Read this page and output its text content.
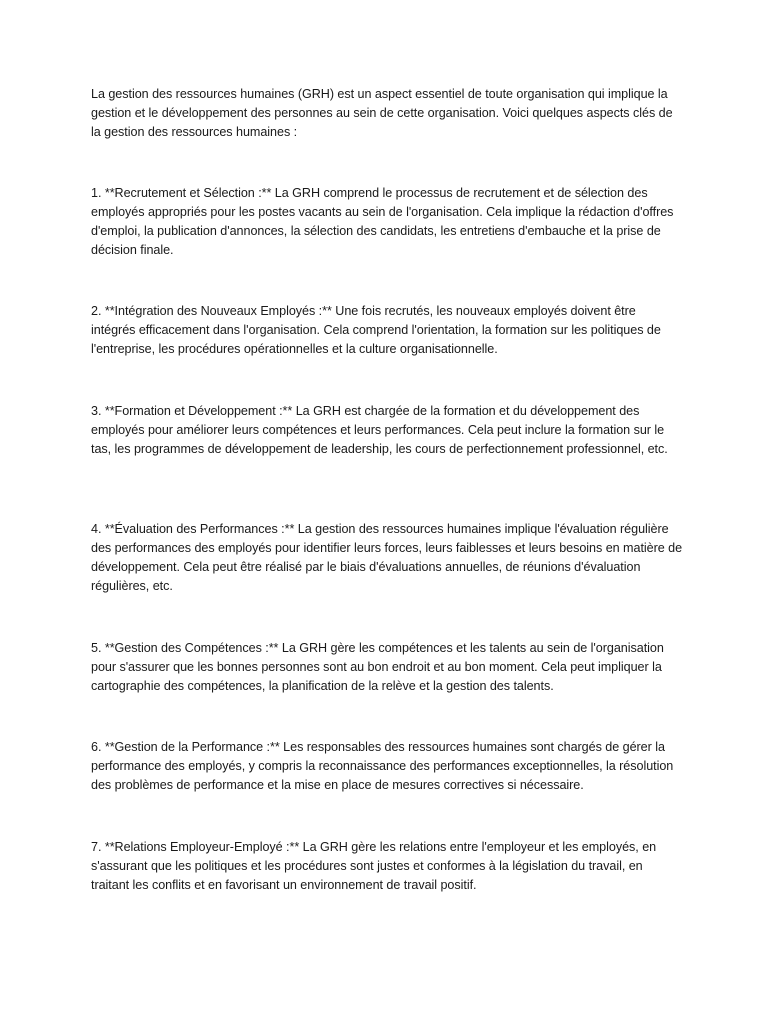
La gestion des ressources humaines (GRH) est un aspect essentiel de toute organisation qui implique la gestion et le développement des personnes au sein de cette organisation. Voici quelques aspects clés de la gestion des ressources humaines :

1. **Recrutement et Sélection :** La GRH comprend le processus de recrutement et de sélection des employés appropriés pour les postes vacants au sein de l'organisation. Cela implique la rédaction d'offres d'emploi, la publication d'annonces, la sélection des candidats, les entretiens d'embauche et la prise de décision finale.

2. **Intégration des Nouveaux Employés :** Une fois recrutés, les nouveaux employés doivent être intégrés efficacement dans l'organisation. Cela comprend l'orientation, la formation sur les politiques de l'entreprise, les procédures opérationnelles et la culture organisationnelle.

3. **Formation et Développement :** La GRH est chargée de la formation et du développement des employés pour améliorer leurs compétences et leurs performances. Cela peut inclure la formation sur le tas, les programmes de développement de leadership, les cours de perfectionnement professionnel, etc.

4. **Évaluation des Performances :** La gestion des ressources humaines implique l'évaluation régulière des performances des employés pour identifier leurs forces, leurs faiblesses et leurs besoins en matière de développement. Cela peut être réalisé par le biais d'évaluations annuelles, de réunions d'évaluation régulières, etc.

5. **Gestion des Compétences :** La GRH gère les compétences et les talents au sein de l'organisation pour s'assurer que les bonnes personnes sont au bon endroit et au bon moment. Cela peut impliquer la cartographie des compétences, la planification de la relève et la gestion des talents.

6. **Gestion de la Performance :** Les responsables des ressources humaines sont chargés de gérer la performance des employés, y compris la reconnaissance des performances exceptionnelles, la résolution des problèmes de performance et la mise en place de mesures correctives si nécessaire.

7. **Relations Employeur-Employé :** La GRH gère les relations entre l'employeur et les employés, en s'assurant que les politiques et les procédures sont justes et conformes à la législation du travail, en traitant les conflits et en favorisant un environnement de travail positif.
